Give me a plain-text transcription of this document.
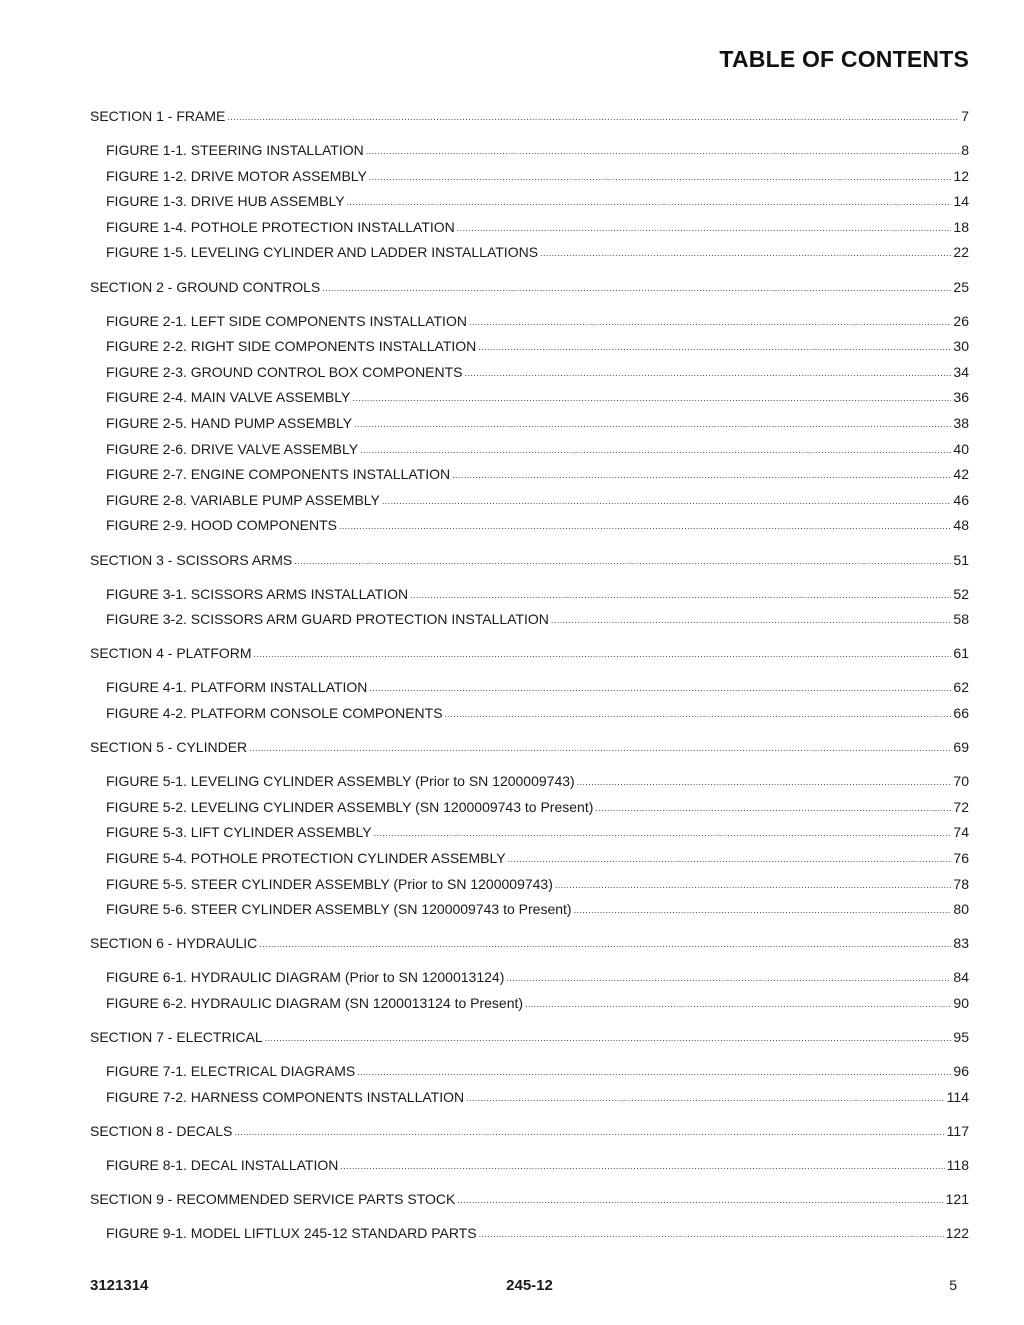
TABLE OF CONTENTS
SECTION 1 - FRAME .....	7
FIGURE 1-1. STEERING INSTALLATION .....	8
FIGURE 1-2. DRIVE MOTOR ASSEMBLY .....	12
FIGURE 1-3. DRIVE HUB ASSEMBLY .....	14
FIGURE 1-4. POTHOLE PROTECTION INSTALLATION .....	18
FIGURE 1-5. LEVELING CYLINDER AND LADDER INSTALLATIONS .....	22
SECTION 2 - GROUND CONTROLS .....	25
FIGURE 2-1. LEFT SIDE COMPONENTS INSTALLATION .....	26
FIGURE 2-2. RIGHT SIDE COMPONENTS INSTALLATION .....	30
FIGURE 2-3. GROUND CONTROL BOX COMPONENTS .....	34
FIGURE 2-4. MAIN VALVE ASSEMBLY .....	36
FIGURE 2-5. HAND PUMP ASSEMBLY .....	38
FIGURE 2-6. DRIVE VALVE ASSEMBLY .....	40
FIGURE 2-7. ENGINE COMPONENTS INSTALLATION .....	42
FIGURE 2-8. VARIABLE PUMP ASSEMBLY .....	46
FIGURE 2-9. HOOD COMPONENTS .....	48
SECTION 3 - SCISSORS ARMS .....	51
FIGURE 3-1. SCISSORS ARMS INSTALLATION .....	52
FIGURE 3-2. SCISSORS ARM GUARD PROTECTION INSTALLATION .....	58
SECTION 4 - PLATFORM .....	61
FIGURE 4-1. PLATFORM INSTALLATION .....	62
FIGURE 4-2. PLATFORM CONSOLE COMPONENTS .....	66
SECTION 5 - CYLINDER .....	69
FIGURE 5-1. LEVELING CYLINDER ASSEMBLY (Prior to SN 1200009743) .....	70
FIGURE 5-2. LEVELING CYLINDER ASSEMBLY (SN 1200009743 to Present) .....	72
FIGURE 5-3. LIFT CYLINDER ASSEMBLY .....	74
FIGURE 5-4. POTHOLE PROTECTION CYLINDER ASSEMBLY .....	76
FIGURE 5-5. STEER CYLINDER ASSEMBLY (Prior to SN 1200009743) .....	78
FIGURE 5-6. STEER CYLINDER ASSEMBLY (SN 1200009743 to Present) .....	80
SECTION 6 - HYDRAULIC .....	83
FIGURE 6-1. HYDRAULIC DIAGRAM (Prior to SN 1200013124) .....	84
FIGURE 6-2. HYDRAULIC DIAGRAM (SN 1200013124 to Present) .....	90
SECTION 7 - ELECTRICAL .....	95
FIGURE 7-1. ELECTRICAL DIAGRAMS .....	96
FIGURE 7-2. HARNESS COMPONENTS INSTALLATION .....	114
SECTION 8 - DECALS .....	117
FIGURE 8-1. DECAL INSTALLATION .....	118
SECTION 9 - RECOMMENDED SERVICE PARTS STOCK .....	121
FIGURE 9-1. MODEL LIFTLUX 245-12 STANDARD PARTS .....	122
3121314	245-12	5
